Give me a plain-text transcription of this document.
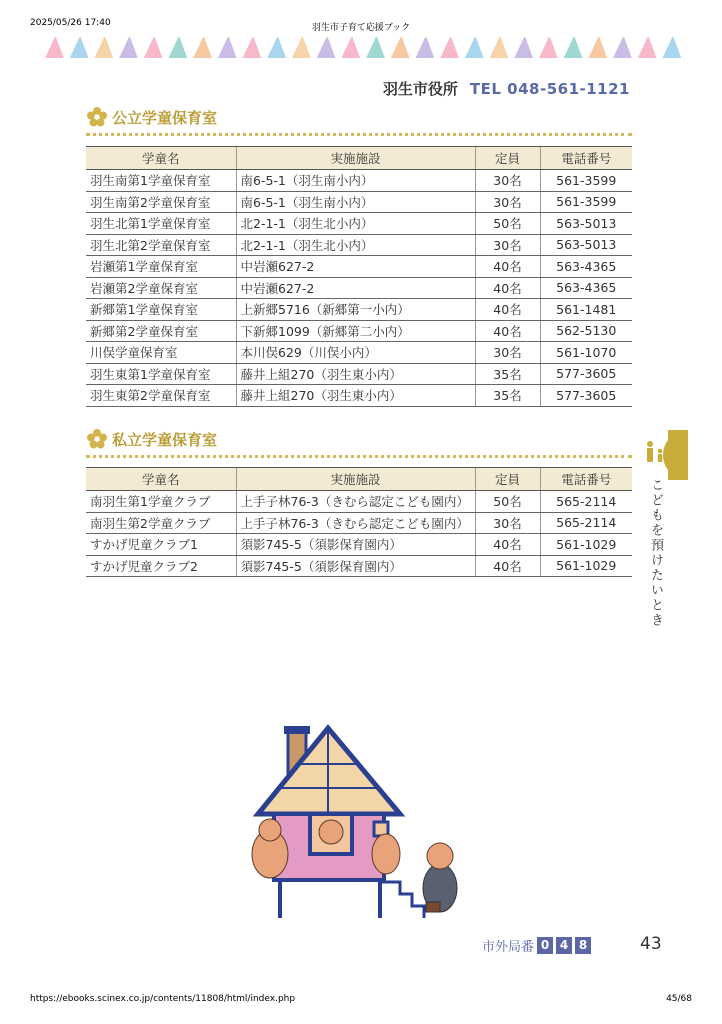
2025/05/26 17:40	羽生市子育て応援ブック
羽生市役所 TEL 048-561-1121
公立学童保育室
学童名	実施施設	定員	電話番号
羽生南第1学童保育室	南6-5-1（羽生南小内）	30名	561-3599
羽生南第2学童保育室	南6-5-1（羽生南小内）	30名	561-3599
羽生北第1学童保育室	北2-1-1（羽生北小内）	50名	563-5013
羽生北第2学童保育室	北2-1-1（羽生北小内）	30名	563-5013
岩瀬第1学童保育室	中岩瀬627-2	40名	563-4365
岩瀬第2学童保育室	中岩瀬627-2	40名	563-4365
新郷第1学童保育室	上新郷5716（新郷第一小内）	40名	561-1481
新郷第2学童保育室	下新郷1099（新郷第二小内）	40名	562-5130
川俣学童保育室	本川俣629（川俣小内）	30名	561-1070
羽生東第1学童保育室	藤井上組270（羽生東小内）	35名	577-3605
羽生東第2学童保育室	藤井上組270（羽生東小内）	35名	577-3605
私立学童保育室
学童名	実施施設	定員	電話番号
南羽生第1学童クラブ	上手子林76-3（きむら認定こども園内）	50名	565-2114
南羽生第2学童クラブ	上手子林76-3（きむら認定こども園内）	30名	565-2114
すかげ児童クラブ1	須影745-5（須影保育園内）	40名	561-1029
すかげ児童クラブ2	須影745-5（須影保育園内）	40名	561-1029 こどもを預けたいとき
市外局番 0 4 8	43
https://ebooks.scinex.co.jp/contents/11808/html/index.php	45/68
